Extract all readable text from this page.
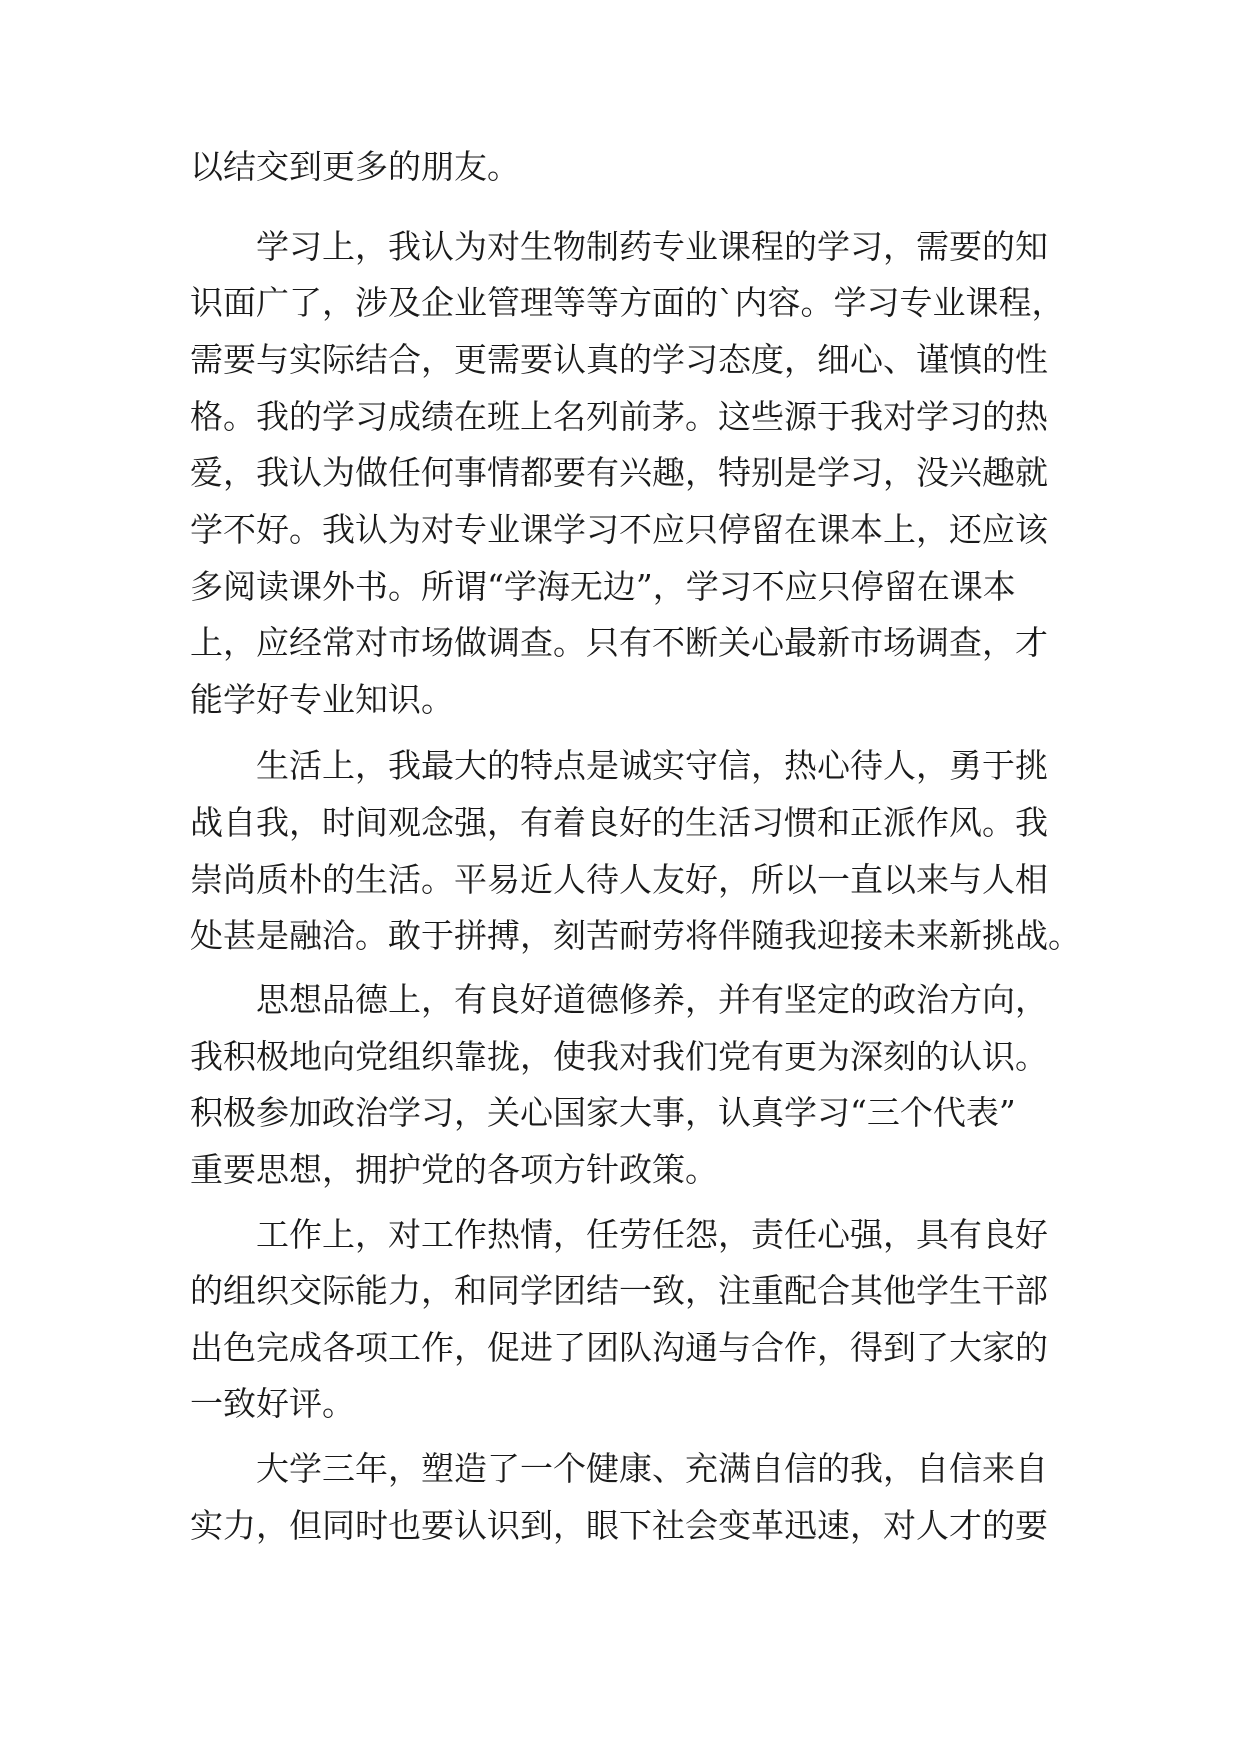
以结交到更多的朋友。
学习上，我认为对生物制药专业课程的学习，需要的知
识面广了，涉及企业管理等等方面的`内容。学习专业课程，
需要与实际结合，更需要认真的学习态度，细心、谨慎的性
格。我的学习成绩在班上名列前茅。这些源于我对学习的热
爱，我认为做任何事情都要有兴趣，特别是学习，没兴趣就
学不好。我认为对专业课学习不应只停留在课本上，还应该
多阅读课外书。所谓“学海无边”，学习不应只停留在课本
上，应经常对市场做调查。只有不断关心最新市场调查，才
能学好专业知识。
生活上，我最大的特点是诚实守信，热心待人，勇于挑
战自我，时间观念强，有着良好的生活习惯和正派作风。我
崇尚质朴的生活。平易近人待人友好，所以一直以来与人相
处甚是融洽。敢于拼搏，刻苦耐劳将伴随我迎接未来新挑战。
思想品德上，有良好道德修养，并有坚定的政治方向，
我积极地向党组织靠拢，使我对我们党有更为深刻的认识。
积极参加政治学习，关心国家大事，认真学习“三个代表”
重要思想，拥护党的各项方针政策。
工作上，对工作热情，任劳任怨，责任心强，具有良好
的组织交际能力，和同学团结一致，注重配合其他学生干部
出色完成各项工作，促进了团队沟通与合作，得到了大家的
一致好评。
大学三年，塑造了一个健康、充满自信的我，自信来自
实力，但同时也要认识到，眼下社会变革迅速，对人才的要
